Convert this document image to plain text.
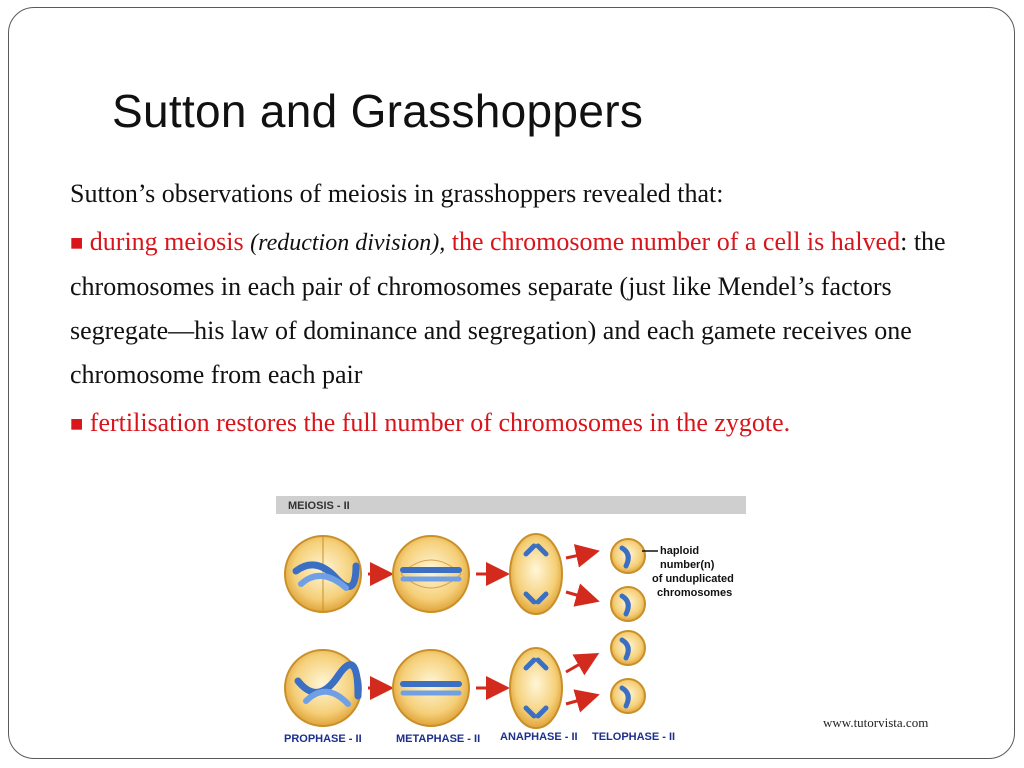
Sutton and Grasshoppers

Sutton’s observations of meiosis in grasshoppers revealed that:

■ during meiosis (reduction division), the chromosome number of a cell is halved: the chromosomes in each pair of chromosomes separate (just like Mendel’s factors segregate—his law of dominance and segregation) and each gamete receives one chromosome from each pair

■ fertilisation restores the full number of chromosomes in the zygote.

MEIOSIS - II
haploid
number(n)
of unduplicated
chromosomes
PROPHASE - II	METAPHASE - II ANAPHASE - II TELOPHASE - II
www.tutorvista.com
